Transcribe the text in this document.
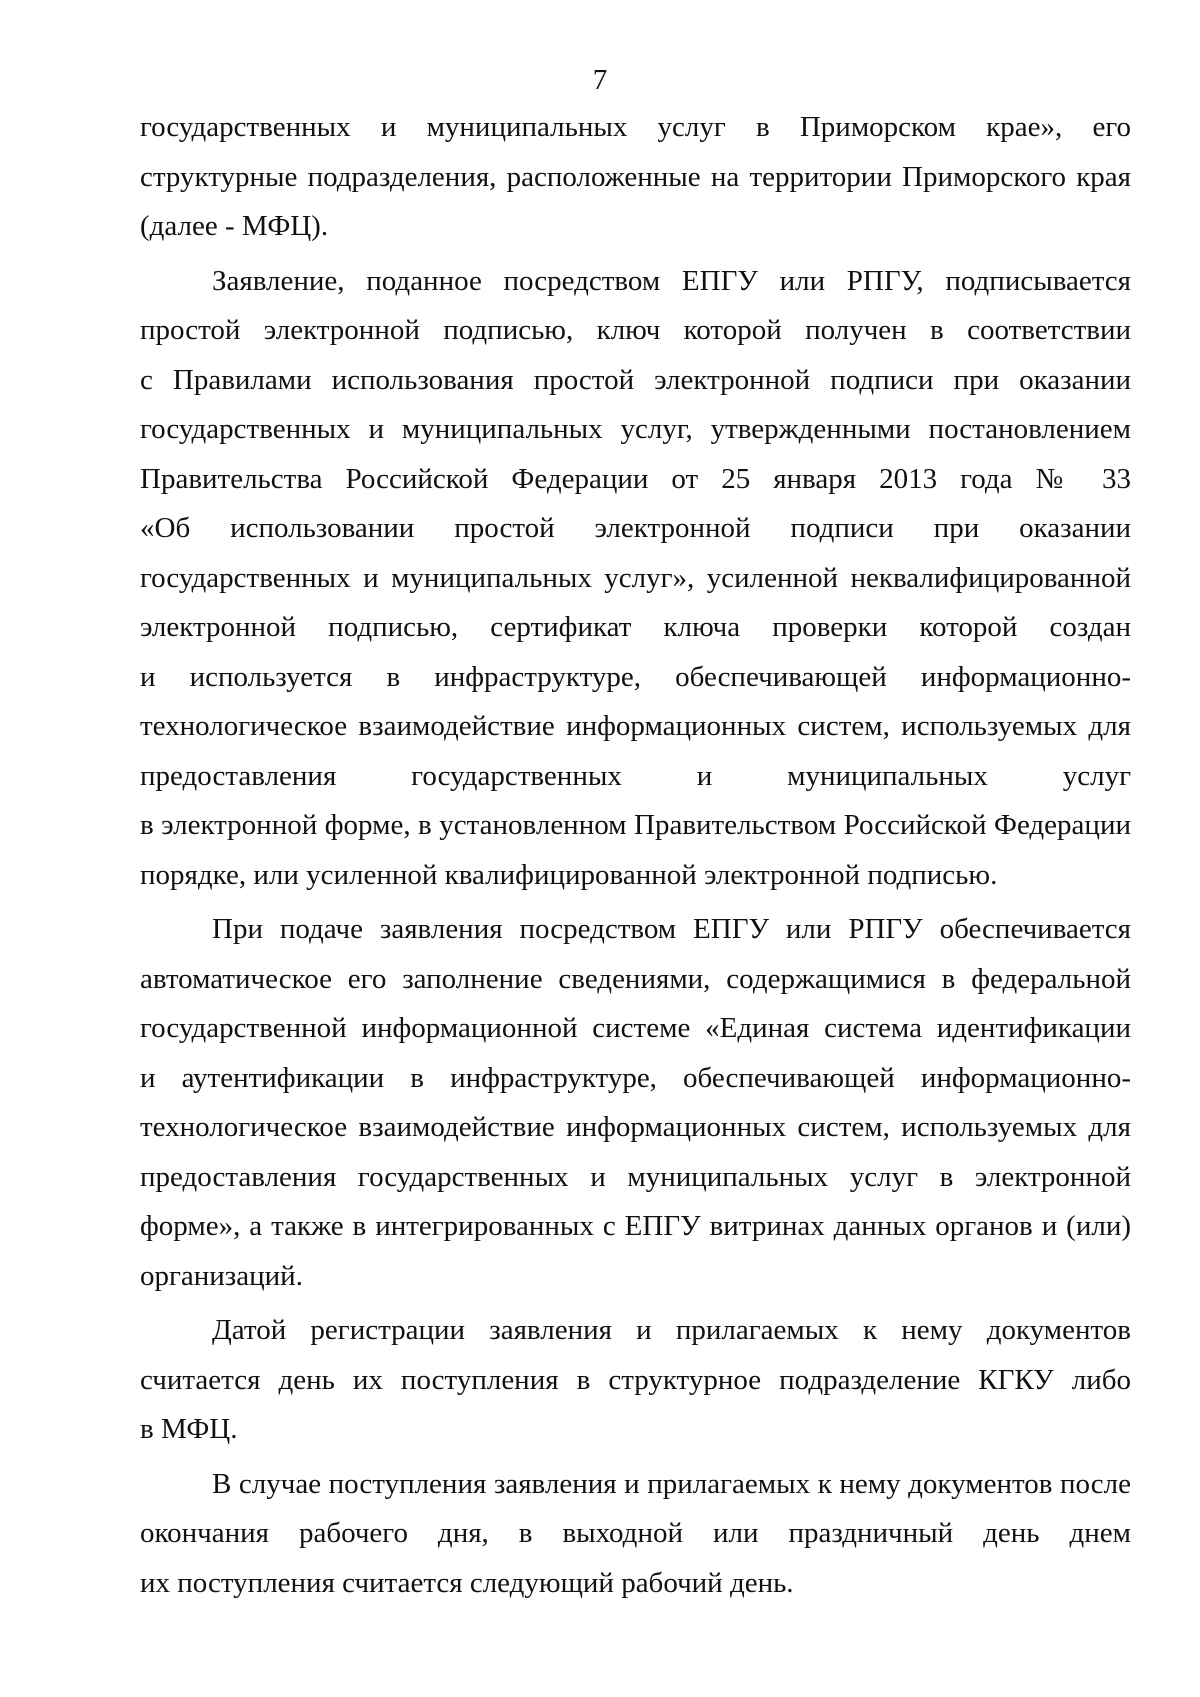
7
государственных и муниципальных услуг в Приморском крае», его
структурные подразделения, расположенные на территории Приморского края
(далее - МФЦ).
Заявление, поданное посредством ЕПГУ или РПГУ, подписывается
простой электронной подписью, ключ которой получен в соответствии
с Правилами использования простой электронной подписи при оказании
государственных и муниципальных услуг, утвержденными постановлением
Правительства Российской Федерации от 25 января 2013 года № 33
«Об использовании простой электронной подписи при оказании
государственных и муниципальных услуг», усиленной неквалифицированной
электронной подписью, сертификат ключа проверки которой создан
и используется в инфраструктуре, обеспечивающей информационно-
технологическое взаимодействие информационных систем, используемых для
предоставления государственных и муниципальных услуг
в электронной форме, в установленном Правительством Российской Федерации
порядке, или усиленной квалифицированной электронной подписью.
При подаче заявления посредством ЕПГУ или РПГУ обеспечивается
автоматическое его заполнение сведениями, содержащимися в федеральной
государственной информационной системе «Единая система идентификации
и аутентификации в инфраструктуре, обеспечивающей информационно-
технологическое взаимодействие информационных систем, используемых для
предоставления государственных и муниципальных услуг в электронной
форме», а также в интегрированных с ЕПГУ витринах данных органов и (или)
организаций.
Датой регистрации заявления и прилагаемых к нему документов
считается день их поступления в структурное подразделение КГКУ либо
в МФЦ.
В случае поступления заявления и прилагаемых к нему документов после
окончания рабочего дня, в выходной или праздничный день днем
их поступления считается следующий рабочий день.
